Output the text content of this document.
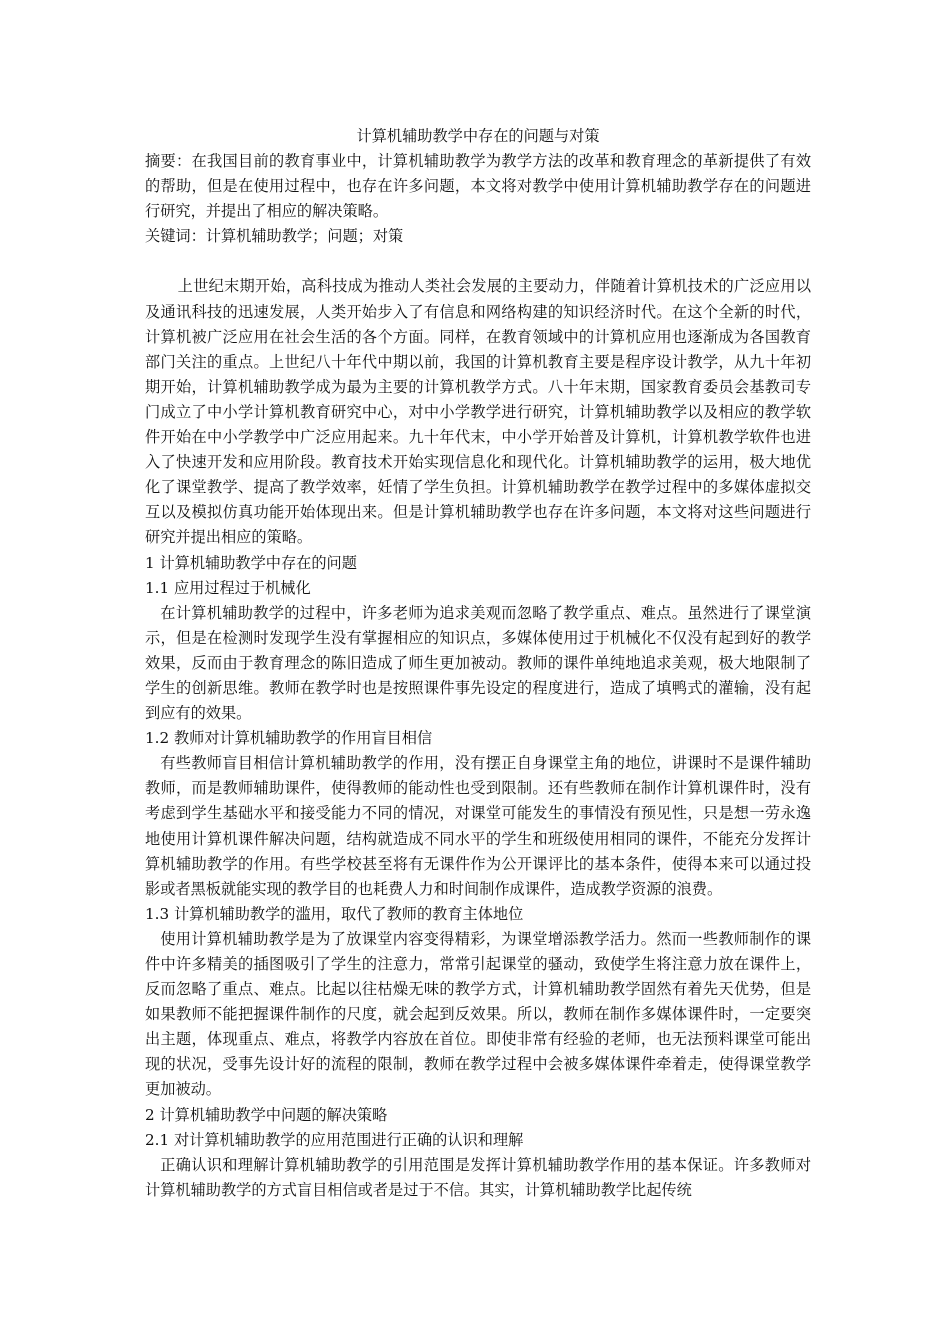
计算机辅助教学中存在的问题与对策

摘要：在我国目前的教育事业中，计算机辅助教学为教学方法的改革和教育理念的革新提供了有效的帮助，但是在使用过程中，也存在许多问题，本文将对教学中使用计算机辅助教学存在的问题进行研究，并提出了相应的解决策略。

关键词：计算机辅助教学；问题；对策

上世纪末期开始，高科技成为推动人类社会发展的主要动力，伴随着计算机技术的广泛应用以及通讯科技的迅速发展，人类开始步入了有信息和网络构建的知识经济时代。在这个全新的时代，计算机被广泛应用在社会生活的各个方面。同样，在教育领域中的计算机应用也逐渐成为各国教育部门关注的重点。上世纪八十年代中期以前，我国的计算机教育主要是程序设计教学，从九十年初期开始，计算机辅助教学成为最为主要的计算机教学方式。八十年末期，国家教育委员会基教司专门成立了中小学计算机教育研究中心，对中小学教学进行研究，计算机辅助教学以及相应的教学软件开始在中小学教学中广泛应用起来。九十年代末，中小学开始普及计算机，计算机教学软件也进入了快速开发和应用阶段。教育技术开始实现信息化和现代化。计算机辅助教学的运用，极大地优化了课堂教学、提高了教学效率，妊情了学生负担。计算机辅助教学在教学过程中的多媒体虚拟交互以及模拟仿真功能开始体现出来。但是计算机辅助教学也存在许多问题，本文将对这些问题进行研究并提出相应的策略。

1 计算机辅助教学中存在的问题

1.1 应用过程过于机械化

在计算机辅助教学的过程中，许多老师为追求美观而忽略了教学重点、难点。虽然进行了课堂演示，但是在检测时发现学生没有掌握相应的知识点，多媒体使用过于机械化不仅没有起到好的教学效果，反而由于教育理念的陈旧造成了师生更加被动。教师的课件单纯地追求美观，极大地限制了学生的创新思维。教师在教学时也是按照课件事先设定的程度进行，造成了填鸭式的灌输，没有起到应有的效果。

1.2 教师对计算机辅助教学的作用盲目相信

有些教师盲目相信计算机辅助教学的作用，没有摆正自身课堂主角的地位，讲课时不是课件辅助教师，而是教师辅助课件，使得教师的能动性也受到限制。还有些教师在制作计算机课件时，没有考虑到学生基础水平和接受能力不同的情况，对课堂可能发生的事情没有预见性，只是想一劳永逸地使用计算机课件解决问题，结构就造成不同水平的学生和班级使用相同的课件，不能充分发挥计算机辅助教学的作用。有些学校甚至将有无课件作为公开课评比的基本条件，使得本来可以通过投影或者黑板就能实现的教学目的也耗费人力和时间制作成课件，造成教学资源的浪费。

1.3 计算机辅助教学的滥用，取代了教师的教育主体地位

使用计算机辅助教学是为了放课堂内容变得精彩，为课堂增添教学活力。然而一些教师制作的课件中许多精美的插图吸引了学生的注意力，常常引起课堂的骚动，致使学生将注意力放在课件上，反而忽略了重点、难点。比起以往枯燥无味的教学方式，计算机辅助教学固然有着先天优势，但是如果教师不能把握课件制作的尺度，就会起到反效果。所以，教师在制作多媒体课件时，一定要突出主题，体现重点、难点，将教学内容放在首位。即使非常有经验的老师，也无法预料课堂可能出现的状况，受事先设计好的流程的限制，教师在教学过程中会被多媒体课件牵着走，使得课堂教学更加被动。

2 计算机辅助教学中问题的解决策略

2.1 对计算机辅助教学的应用范围进行正确的认识和理解

正确认识和理解计算机辅助教学的引用范围是发挥计算机辅助教学作用的基本保证。许多教师对计算机辅助教学的方式盲目相信或者是过于不信。其实，计算机辅助教学比起传统
